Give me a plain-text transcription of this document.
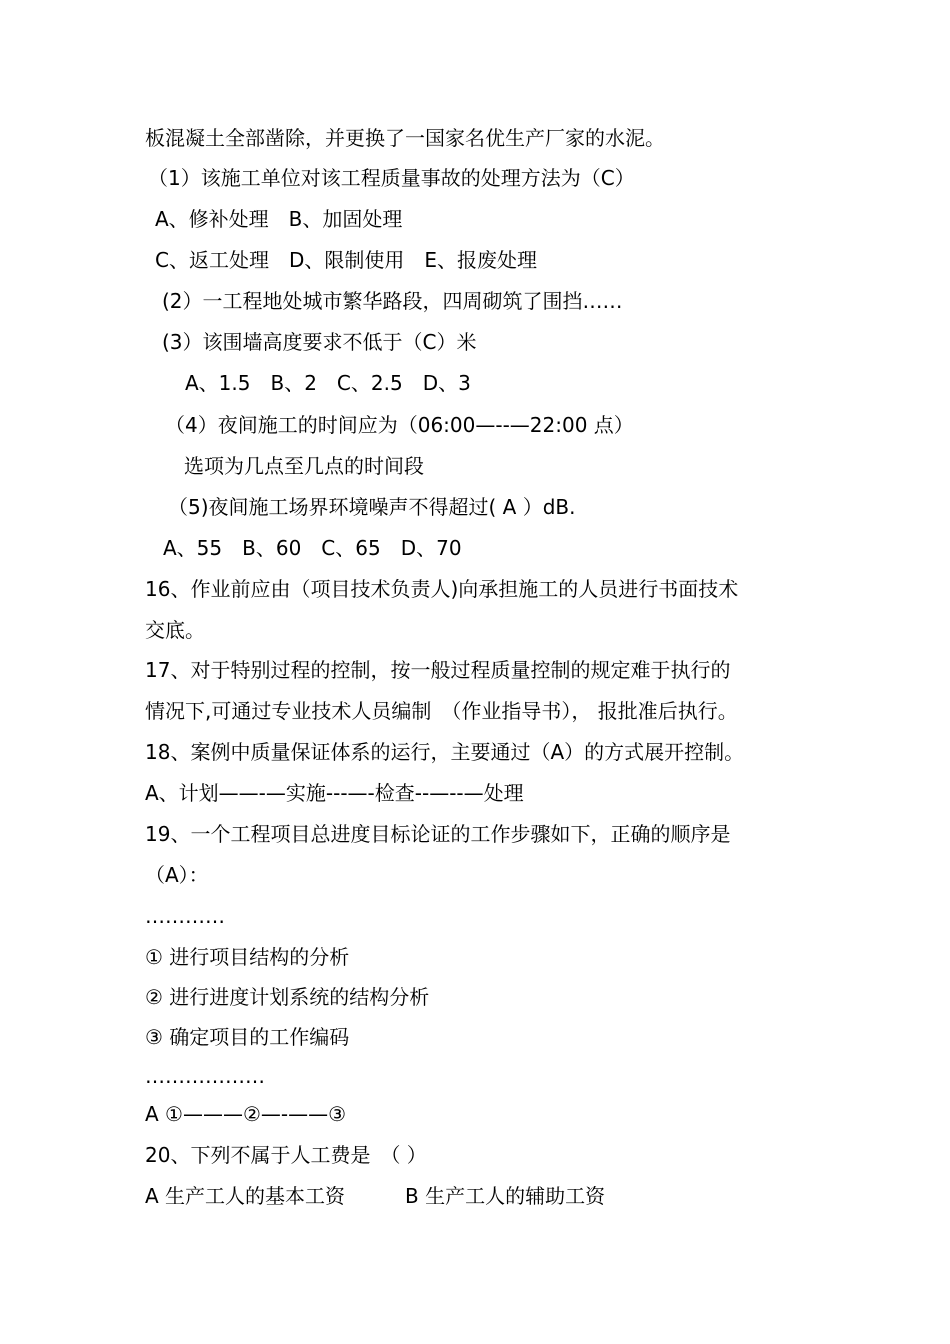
板混凝土全部凿除，并更换了一国家名优生产厂家的水泥。
（1）该施工单位对该工程质量事故的处理方法为（C）
A、修补处理　B、加固处理
C、返工处理　D、限制使用　E、报废处理
(2）一工程地处城市繁华路段，四周砌筑了围挡……
(3）该围墙高度要求不低于（C）米
A、1.5　B、2　C、2.5　D、3
（4）夜间施工的时间应为（06:00—--—22:00 点）
选项为几点至几点的时间段
（5)夜间施工场界环境噪声不得超过( A ）dB.
A、55　B、60　C、65　D、70
16、作业前应由（项目技术负责人)向承担施工的人员进行书面技术
交底。
17、对于特别过程的控制，按一般过程质量控制的规定难于执行的
情况下,可通过专业技术人员编制　（作业指导书）， 报批准后执行。
18、案例中质量保证体系的运行，主要通过（A）的方式展开控制。
A、计划——-—实施---—-检查--—--—处理
19、一个工程项目总进度目标论证的工作步骤如下，正确的顺序是
（A）：
…………
① 进行项目结构的分析
② 进行进度计划系统的结构分析
③ 确定项目的工作编码
………………
A ①———②—-——③
20、下列不属于人工费是　（ ）
A 生产工人的基本工资　　　B 生产工人的辅助工资
